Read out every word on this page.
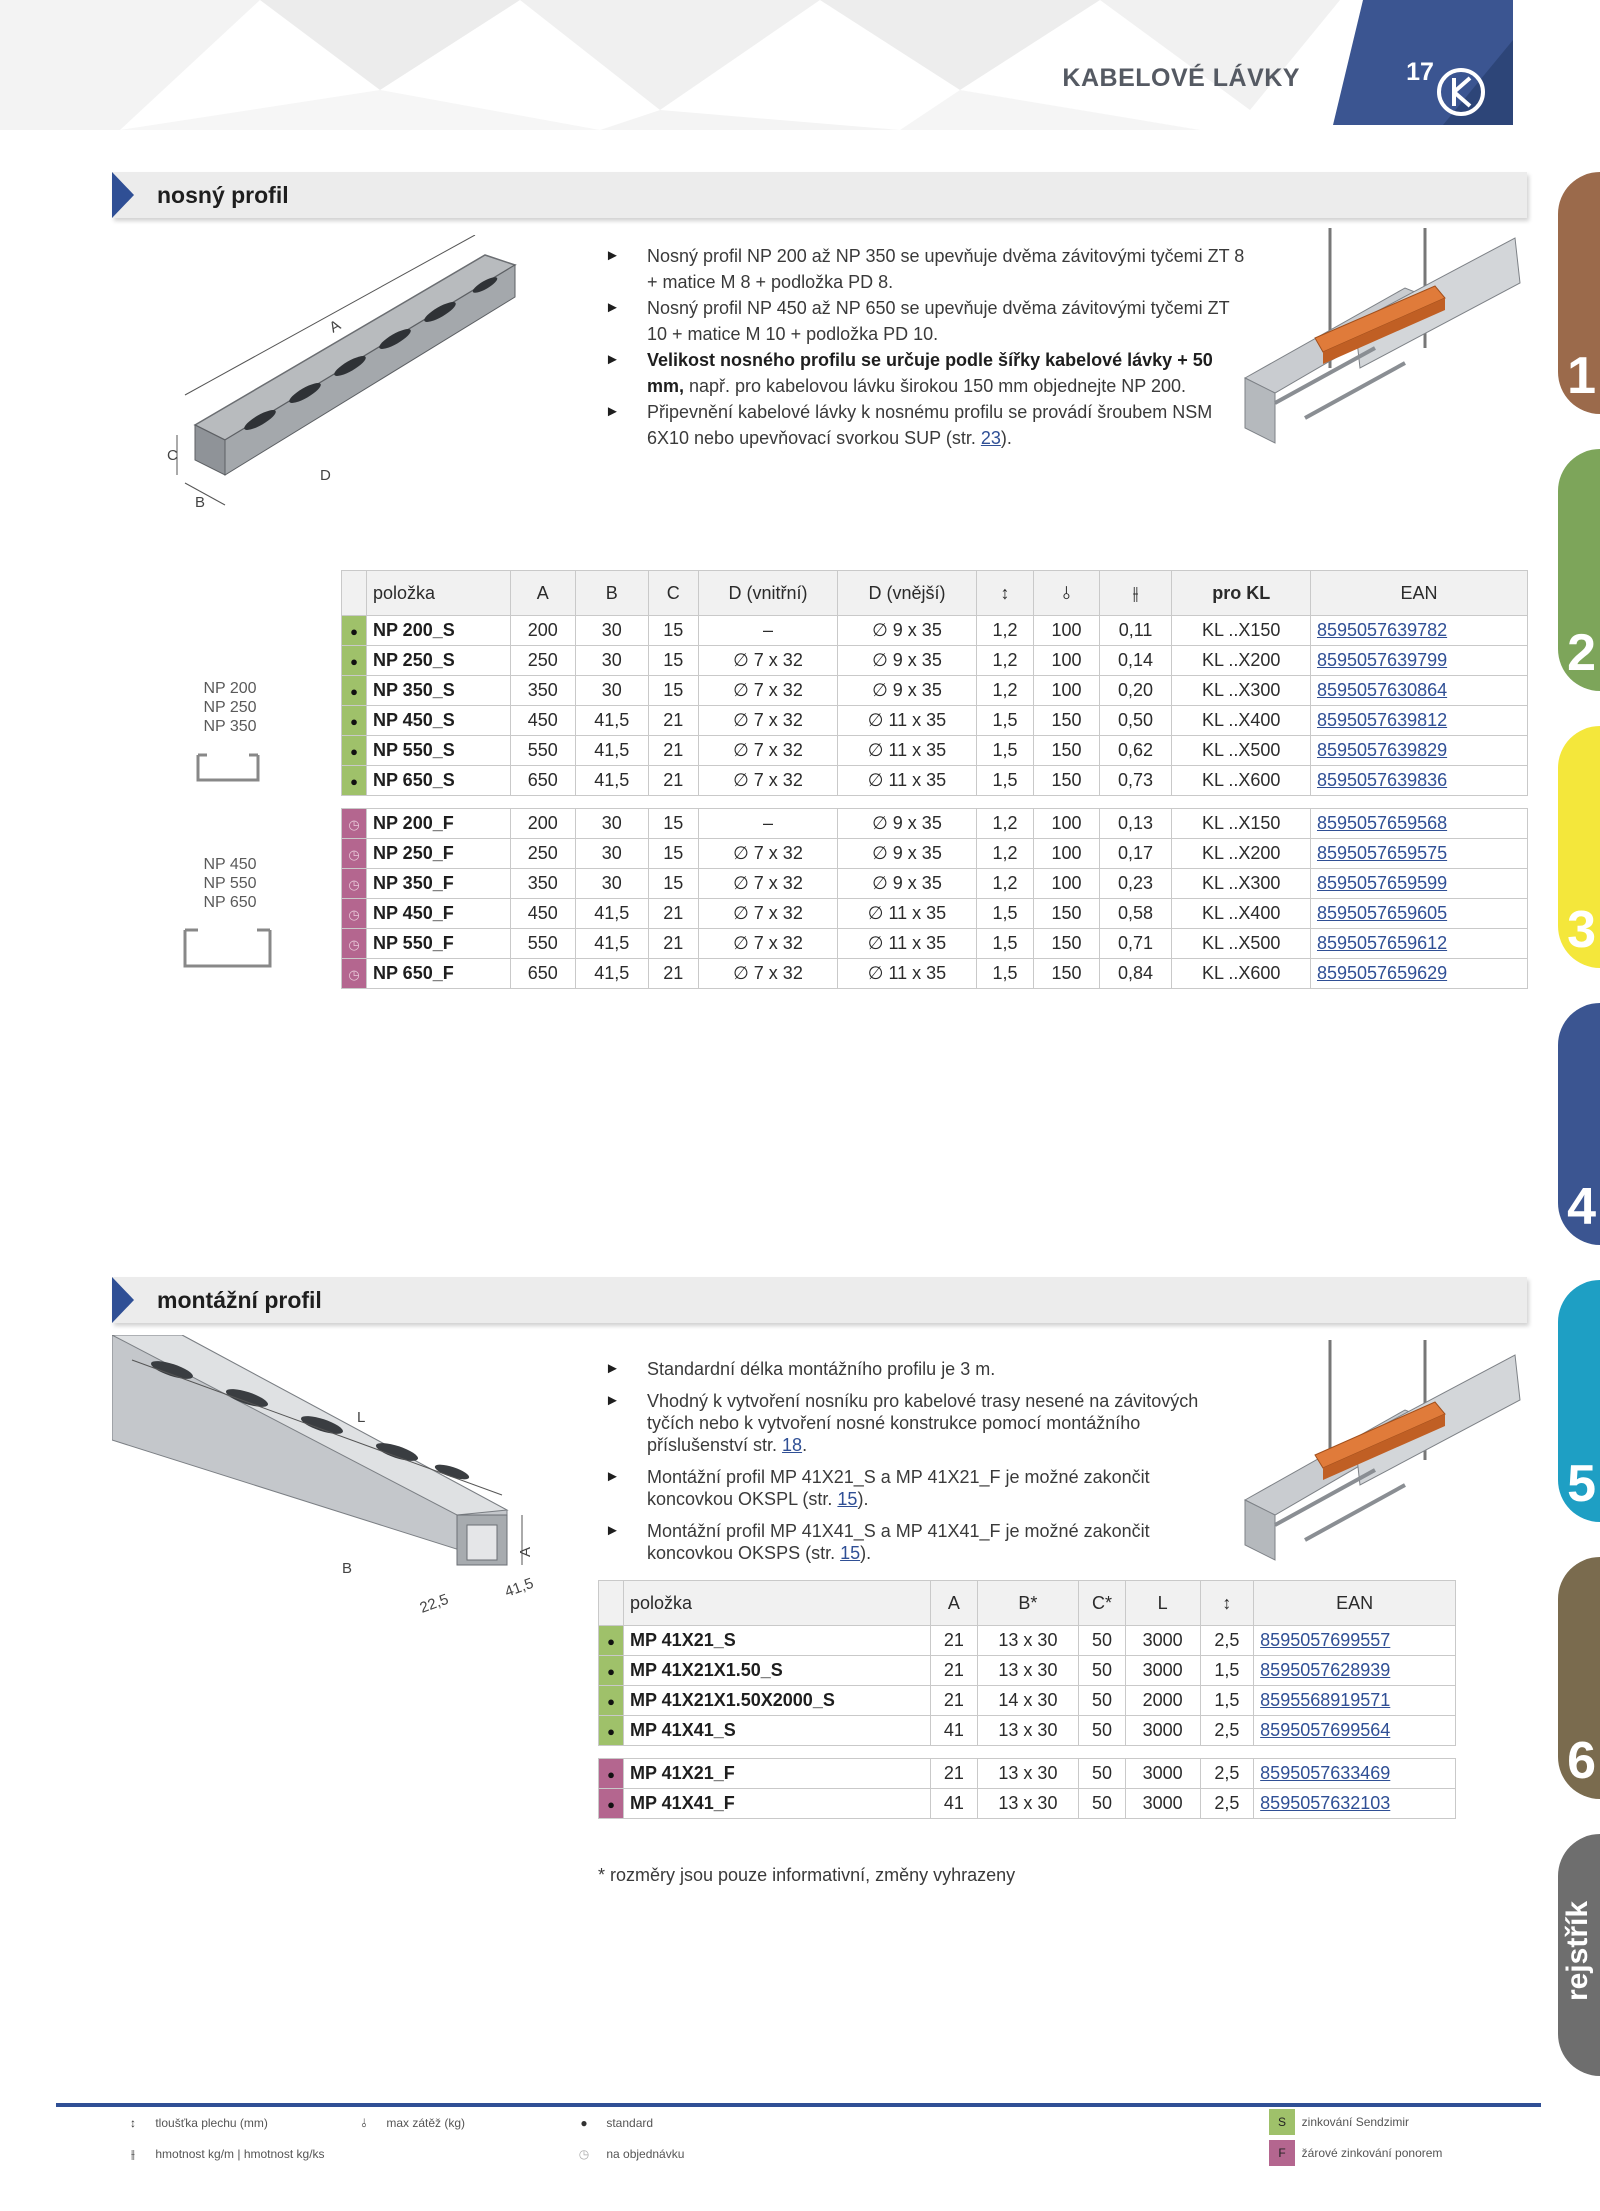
KABELOVÉ LÁVKY	17
nosný profil
A
C
B
D
► Nosný profil NP 200 až NP 350 se upevňuje dvěma závitovými tyčemi ZT 8 + matice M 8 + podložka PD 8.
► Nosný profil NP 450 až NP 650 se upevňuje dvěma závitovými tyčemi ZT 10 + matice M 10 + podložka PD 10.
► Velikost nosného profilu se určuje podle šířky kabelové lávky + 50 mm, např. pro kabelovou lávku širokou 150 mm objednejte NP 200.
► Připevnění kabelové lávky k nosnému profilu se provádí šroubem NSM 6X10 nebo upevňovací svorkou SUP (str. 23).
NP 200
NP 250
NP 350
NP 450
NP 550
NP 650
	položka	A	B	C	D (vnitřní)	D (vnější)	↕	⫰	⫲	pro KL	EAN
●	NP 200_S	200	30	15	–	∅ 9 x 35	1,2	100	0,11	KL ..X150	8595057639782
●	NP 250_S	250	30	15	∅ 7 x 32	∅ 9 x 35	1,2	100	0,14	KL ..X200	8595057639799
●	NP 350_S	350	30	15	∅ 7 x 32	∅ 9 x 35	1,2	100	0,20	KL ..X300	8595057630864
●	NP 450_S	450	41,5	21	∅ 7 x 32	∅ 11 x 35	1,5	150	0,50	KL ..X400	8595057639812
●	NP 550_S	550	41,5	21	∅ 7 x 32	∅ 11 x 35	1,5	150	0,62	KL ..X500	8595057639829
●	NP 650_S	650	41,5	21	∅ 7 x 32	∅ 11 x 35	1,5	150	0,73	KL ..X600	8595057639836

◷	NP 200_F	200	30	15	–	∅ 9 x 35	1,2	100	0,13	KL ..X150	8595057659568
◷	NP 250_F	250	30	15	∅ 7 x 32	∅ 9 x 35	1,2	100	0,17	KL ..X200	8595057659575
◷	NP 350_F	350	30	15	∅ 7 x 32	∅ 9 x 35	1,2	100	0,23	KL ..X300	8595057659599
◷	NP 450_F	450	41,5	21	∅ 7 x 32	∅ 11 x 35	1,5	150	0,58	KL ..X400	8595057659605
◷	NP 550_F	550	41,5	21	∅ 7 x 32	∅ 11 x 35	1,5	150	0,71	KL ..X500	8595057659612
◷	NP 650_F	650	41,5	21	∅ 7 x 32	∅ 11 x 35	1,5	150	0,84	KL ..X600	8595057659629
montážní profil
L
B
A
22,5
41,5
► Standardní délka montážního profilu je 3 m.
► Vhodný k vytvoření nosníku pro kabelové trasy nesené na závitových tyčích nebo k vytvoření nosné konstrukce pomocí montážního příslušenství str. 18.
► Montážní profil MP 41X21_S a MP 41X21_F je možné zakončit koncovkou OKSPL (str. 15).
► Montážní profil MP 41X41_S a MP 41X41_F je možné zakončit koncovkou OKSPS (str. 15).
	položka	A	B*	C*	L	↕	EAN
●	MP 41X21_S	21	13 x 30	50	3000	2,5	8595057699557
●	MP 41X21X1.50_S	21	13 x 30	50	3000	1,5	8595057628939
●	MP 41X21X1.50X2000_S	21	14 x 30	50	2000	1,5	8595568919571
●	MP 41X41_S	41	13 x 30	50	3000	2,5	8595057699564

●	MP 41X21_F	21	13 x 30	50	3000	2,5	8595057633469
●	MP 41X41_F	41	13 x 30	50	3000	2,5	8595057632103
* rozměry jsou pouze informativní, změny vyhrazeny
1
2
3
4
5
6
rejstřík
↕ tloušťka plechu (mm)	⫰ max zátěž (kg)
⫲ hmotnost kg/m | hmotnost kg/ks
● standard
◷ na objednávku
S zinkování Sendzimir
F žárové zinkování ponorem
